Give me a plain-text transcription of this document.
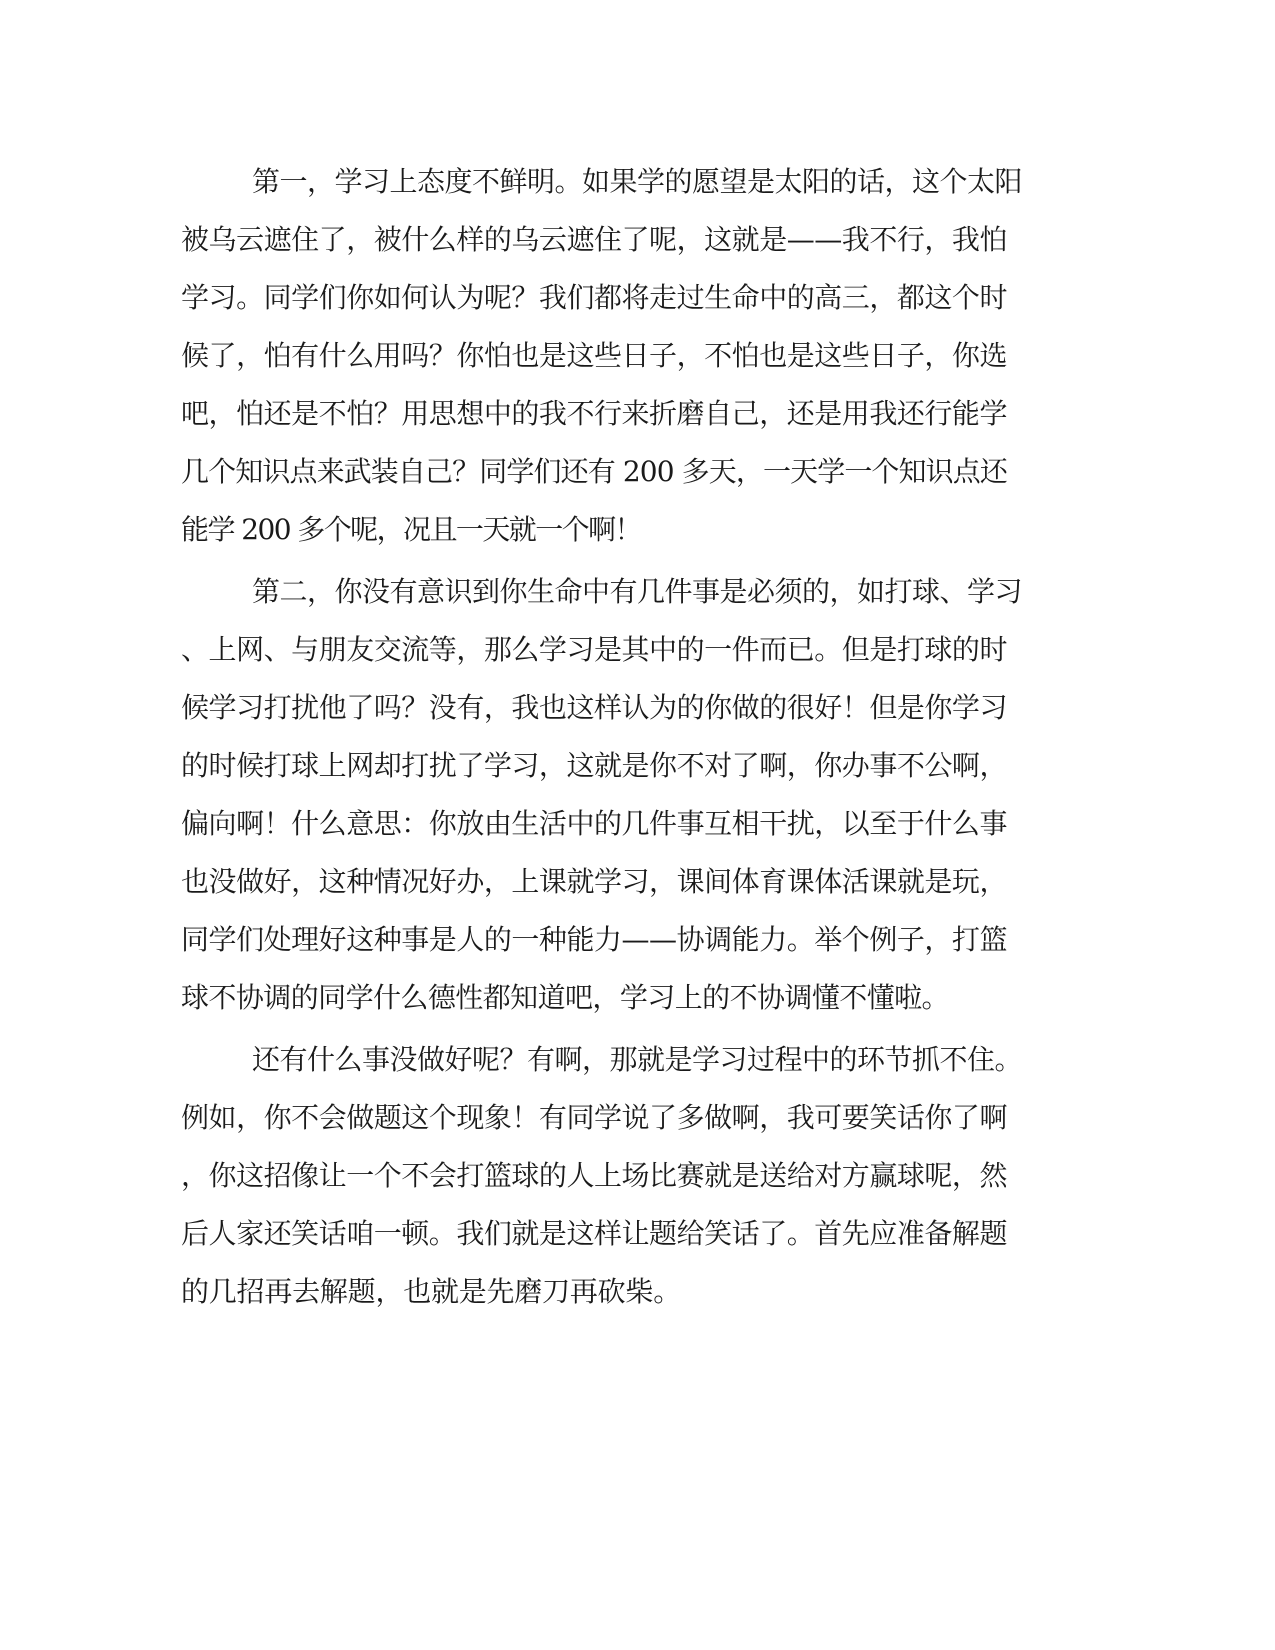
第一，学习上态度不鲜明。如果学的愿望是太阳的话，这个太阳

被乌云遮住了，被什么样的乌云遮住了呢，这就是——我不行，我怕

学习。同学们你如何认为呢？我们都将走过生命中的高三，都这个时

候了，怕有什么用吗？你怕也是这些日子，不怕也是这些日子，你选

吧，怕还是不怕？用思想中的我不行来折磨自己，还是用我还行能学

几个知识点来武装自己？同学们还有 200 多天，一天学一个知识点还

能学 200 多个呢，况且一天就一个啊！

第二，你没有意识到你生命中有几件事是必须的，如打球、学习

、上网、与朋友交流等，那么学习是其中的一件而已。但是打球的时

候学习打扰他了吗？没有，我也这样认为的你做的很好！但是你学习

的时候打球上网却打扰了学习，这就是你不对了啊，你办事不公啊，

偏向啊！什么意思：你放由生活中的几件事互相干扰，以至于什么事

也没做好，这种情况好办，上课就学习，课间体育课体活课就是玩，

同学们处理好这种事是人的一种能力——协调能力。举个例子，打篮

球不协调的同学什么德性都知道吧，学习上的不协调懂不懂啦。

还有什么事没做好呢？有啊，那就是学习过程中的环节抓不住。

例如，你不会做题这个现象！有同学说了多做啊，我可要笑话你了啊

，你这招像让一个不会打篮球的人上场比赛就是送给对方赢球呢，然

后人家还笑话咱一顿。我们就是这样让题给笑话了。首先应准备解题

的几招再去解题，也就是先磨刀再砍柴。
